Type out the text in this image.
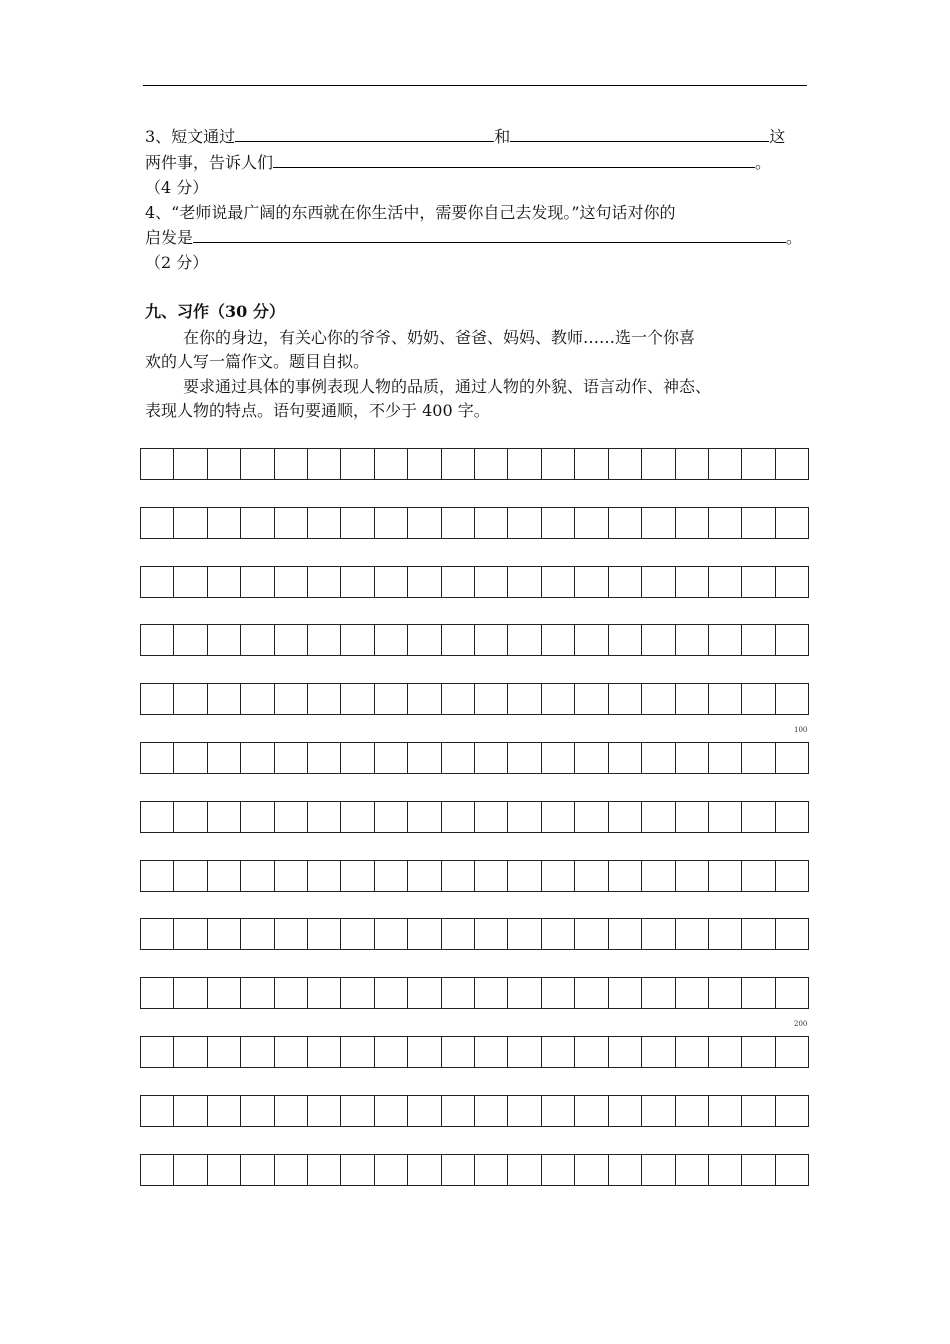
3、短文通过	和	这
两件事，告诉人们	。
（4 分）
4、“老师说最广阔的东西就在你生活中，需要你自己去发现。”这句话对你的
启发是	。
（2 分）
九、习作（30 分）
在你的身边，有关心你的爷爷、奶奶、爸爸、妈妈、教师……选一个你喜
欢的人写一篇作文。题目自拟。
要求通过具体的事例表现人物的品质，通过人物的外貌、语言动作、神态、
表现人物的特点。语句要通顺，不少于 400 字。
100
200
